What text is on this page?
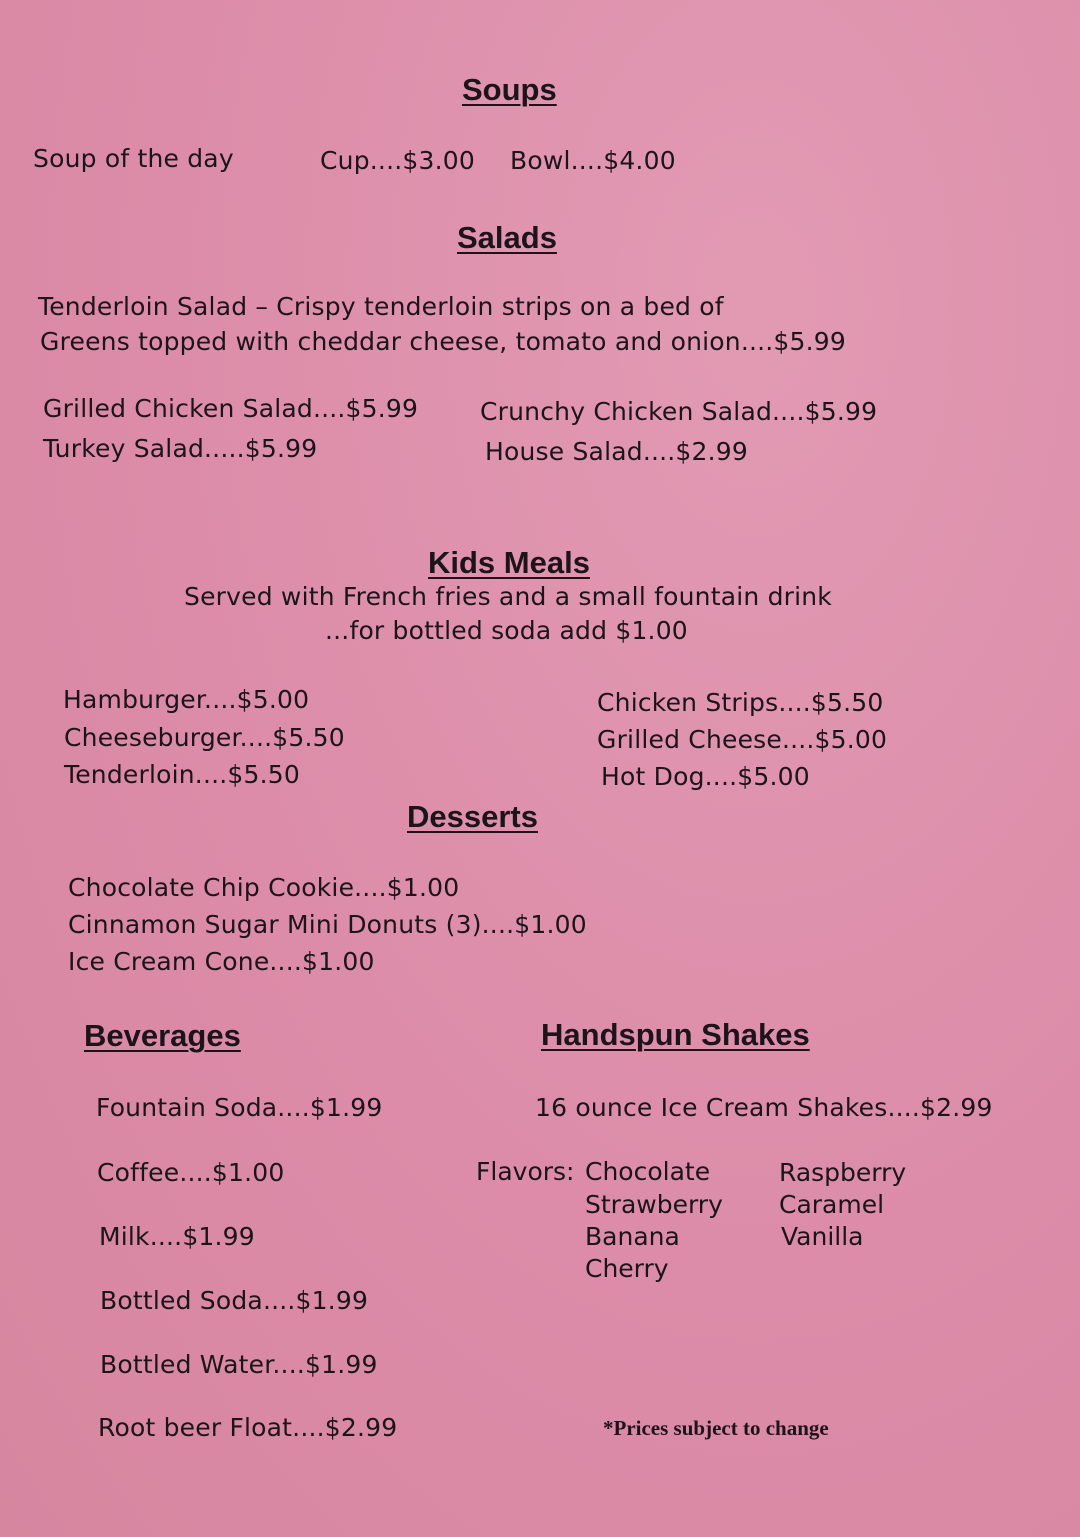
Soups
Soup of the day	Cup....$3.00 Bowl....$4.00
Salads
Tenderloin Salad – Crispy tenderloin strips on a bed of
Greens topped with cheddar cheese, tomato and onion....$5.99
Grilled Chicken Salad....$5.99
Turkey Salad.....$5.99
Crunchy Chicken Salad....$5.99
House Salad....$2.99
Kids Meals
Served with French fries and a small fountain drink
...for bottled soda add $1.00
Hamburger....$5.00
Cheeseburger....$5.50
Tenderloin....$5.50
Chicken Strips....$5.50
Grilled Cheese....$5.00
Hot Dog....$5.00
Desserts
Chocolate Chip Cookie....$1.00
Cinnamon Sugar Mini Donuts (3)....$1.00
Ice Cream Cone....$1.00
Beverages
Fountain Soda....$1.99
Coffee....$1.00
Milk....$1.99
Bottled Soda....$1.99
Bottled Water....$1.99
Root beer Float....$2.99
Handspun Shakes
16 ounce Ice Cream Shakes....$2.99
Flavors: Chocolate
Strawberry
Banana
Cherry
Raspberry
Caramel
Vanilla
*Prices subject to change
